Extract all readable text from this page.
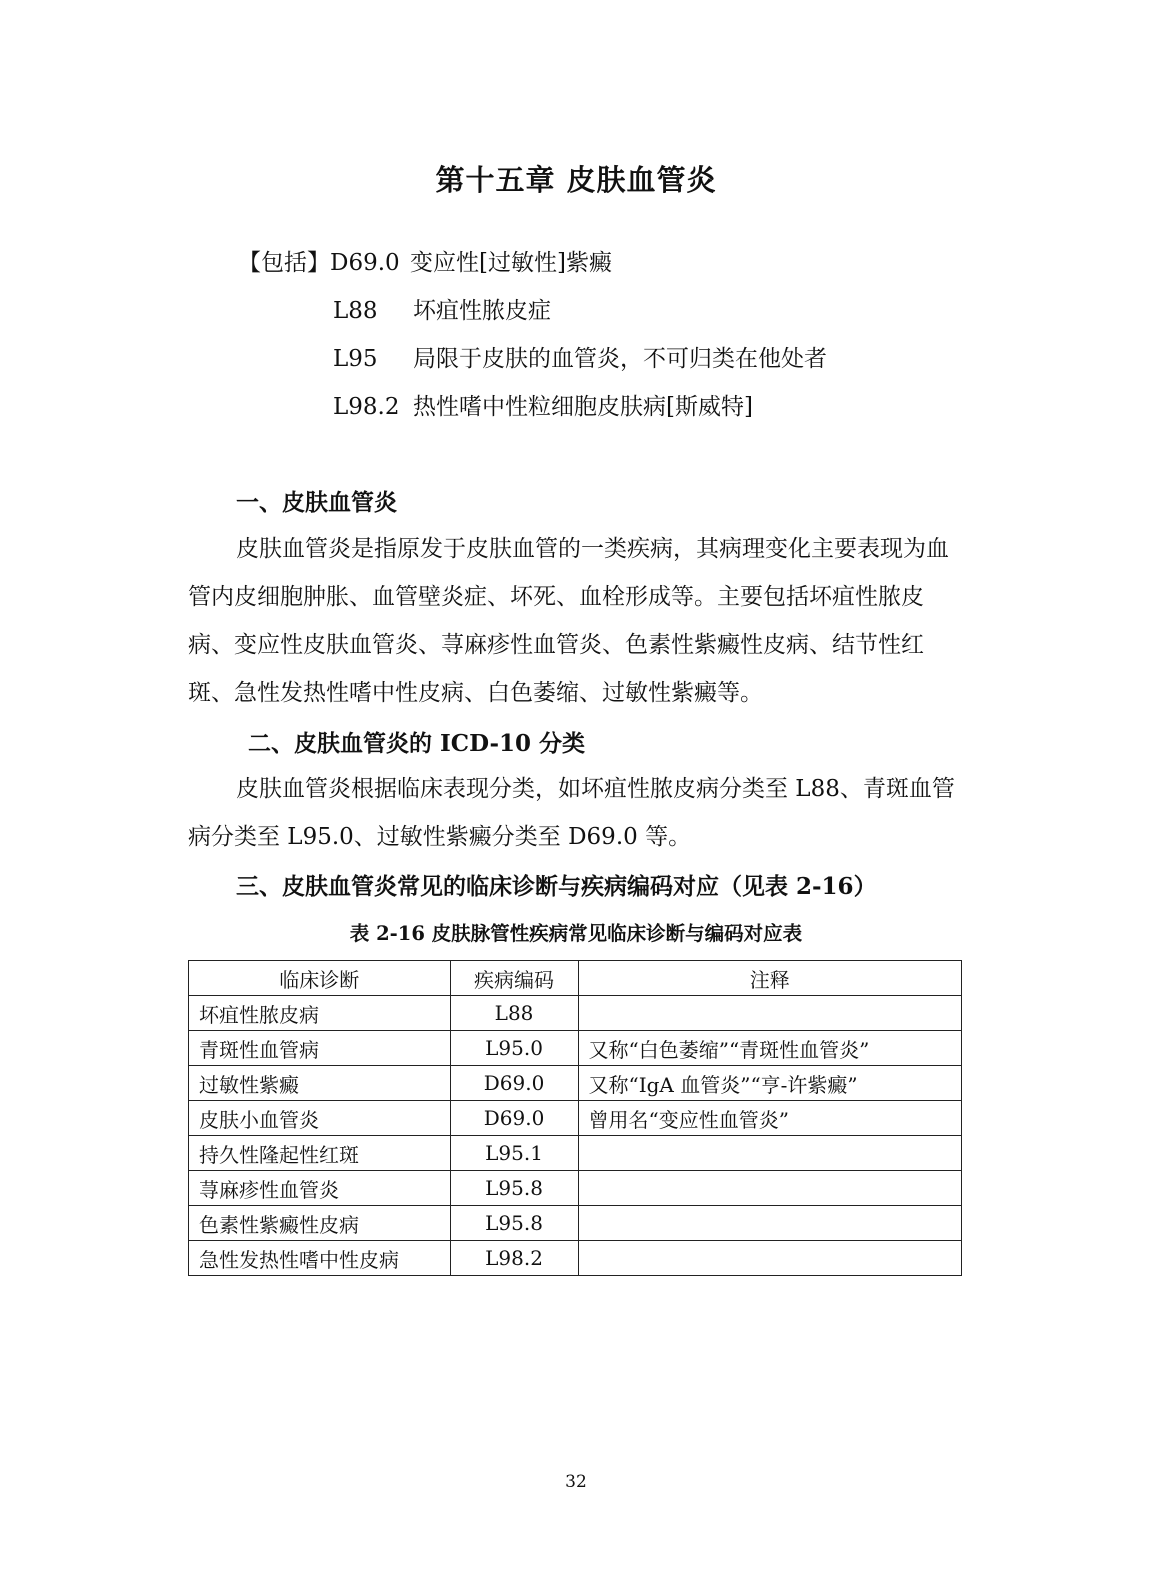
第十五章 皮肤血管炎
【包括】D69.0 变应性[过敏性]紫癜
L88 坏疽性脓皮症
L95 局限于皮肤的血管炎，不可归类在他处者
L98.2 热性嗜中性粒细胞皮肤病[斯威特]
一、皮肤血管炎

皮肤血管炎是指原发于皮肤血管的一类疾病，其病理变化主要表现为血管内皮细胞肿胀、血管壁炎症、坏死、血栓形成等。主要包括坏疽性脓皮病、变应性皮肤血管炎、荨麻疹性血管炎、色素性紫癜性皮病、结节性红斑、急性发热性嗜中性皮病、白色萎缩、过敏性紫癜等。

二、皮肤血管炎的 ICD-10 分类

皮肤血管炎根据临床表现分类，如坏疽性脓皮病分类至 L88、青斑血管病分类至 L95.0、过敏性紫癜分类至 D69.0 等。

三、皮肤血管炎常见的临床诊断与疾病编码对应（见表 2-16）
表 2-16 皮肤脉管性疾病常见临床诊断与编码对应表
临床诊断	疾病编码	注释
坏疽性脓皮病	L88	
青斑性血管病	L95.0	又称“白色萎缩”“青斑性血管炎”
过敏性紫癜	D69.0	又称“IgA 血管炎”“亨-许紫癜”
皮肤小血管炎	D69.0	曾用名“变应性血管炎”
持久性隆起性红斑	L95.1	
荨麻疹性血管炎	L95.8	
色素性紫癜性皮病	L95.8	
急性发热性嗜中性皮病	L98.2	
32
